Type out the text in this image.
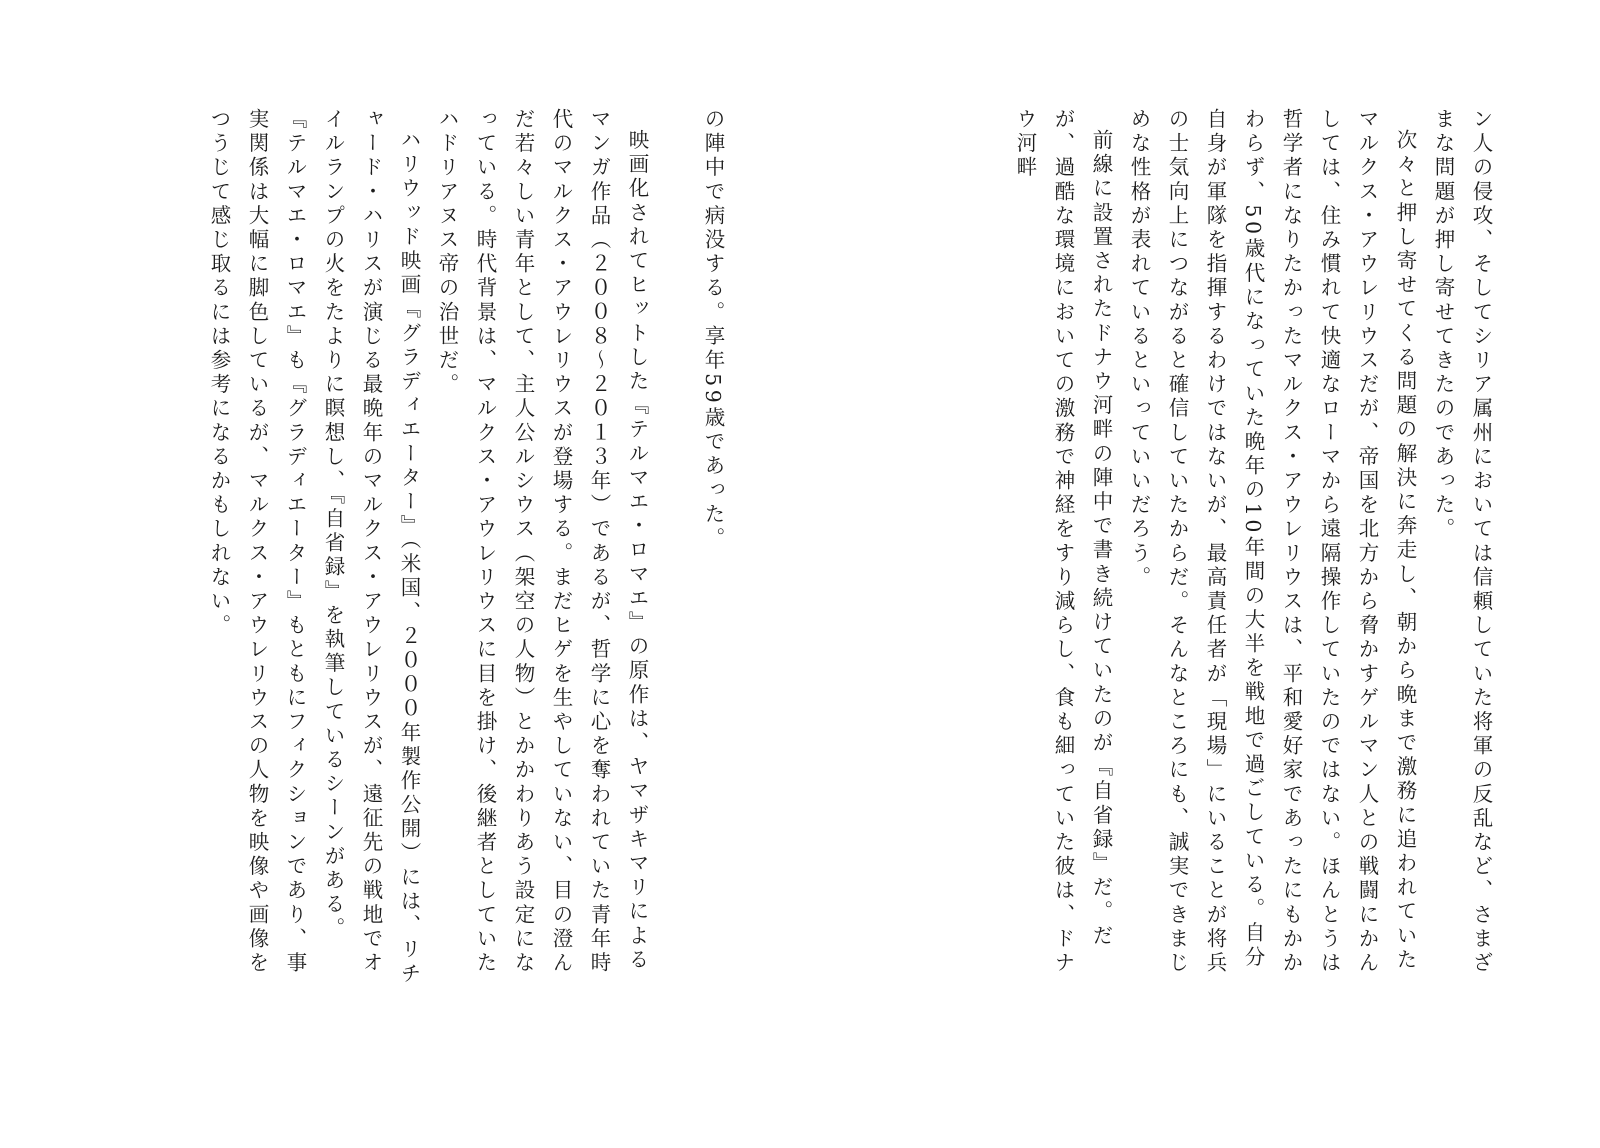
ン人の侵攻、そしてシリア属州においては信頼していた将軍の反乱など、さまざまな問題が押し寄せてきたのであった。

次々と押し寄せてくる問題の解決に奔走し、朝から晩まで激務に追われていたマルクス・アウレリウスだが、帝国を北方から脅かすゲルマン人との戦闘にかんしては、住み慣れて快適なローマから遠隔操作していたのではない。ほんとうは哲学者になりたかったマルクス・アウレリウスは、平和愛好家であったにもかかわらず、50歳代になっていた晩年の10年間の大半を戦地で過ごしている。自分自身が軍隊を指揮するわけではないが、最高責任者が「現場」にいることが将兵の士気向上につながると確信していたからだ。そんなところにも、誠実できまじめな性格が表れているといっていいだろう。

前線に設置されたドナウ河畔の陣中で書き続けていたのが『自省録』だ。だが、過酷な環境においての激務で神経をすり減らし、食も細っていた彼は、ドナウ河畔

の陣中で病没する。享年59歳であった。

映画化されてヒットした『テルマエ・ロマエ』の原作は、ヤマザキマリによるマンガ作品（２００８〜２０１３年）であるが、哲学に心を奪われていた青年時代のマルクス・アウレリウスが登場する。まだヒゲを生やしていない、目の澄んだ若々しい青年として、主人公ルシウス（架空の人物）とかかわりあう設定になっている。時代背景は、マルクス・アウレリウスに目を掛け、後継者としていたハドリアヌス帝の治世だ。

ハリウッド映画『グラディエーター』（米国、２０００年製作公開）には、リチャード・ハリスが演じる最晩年のマルクス・アウレリウスが、遠征先の戦地でオイルランプの火をたよりに瞑想し、『自省録』を執筆しているシーンがある。

『テルマエ・ロマエ』も『グラディエーター』もともにフィクションであり、事実関係は大幅に脚色しているが、マルクス・アウレリウスの人物を映像や画像をつうじて感じ取るには参考になるかもしれない。
